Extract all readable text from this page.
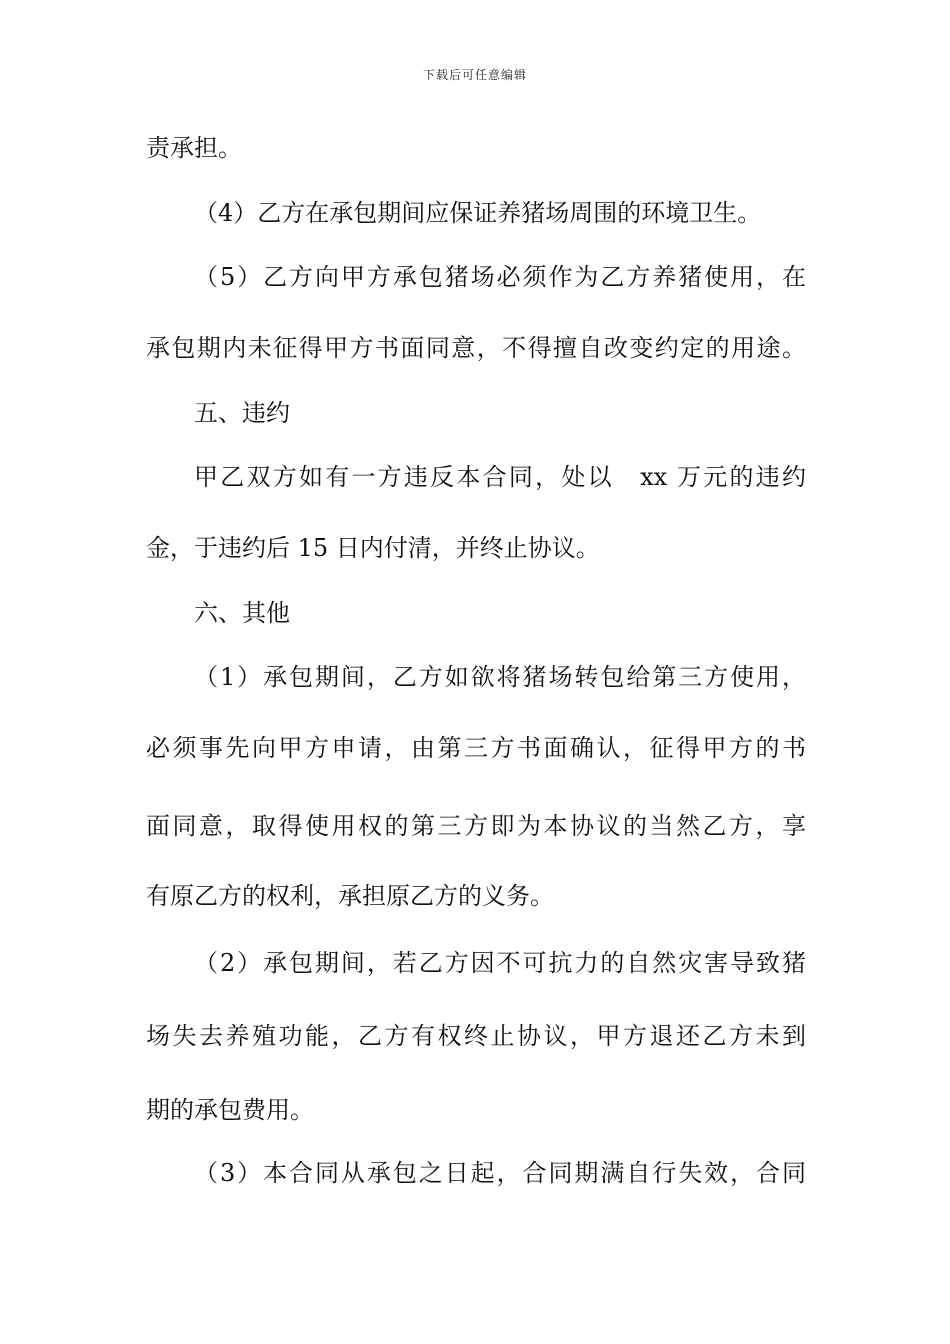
下载后可任意编辑
责承担。
（4）乙方在承包期间应保证养猪场周围的环境卫生。
（5）乙方向甲方承包猪场必须作为乙方养猪使用，在
承包期内未征得甲方书面同意，不得擅自改变约定的用途。
五、违约
甲乙双方如有一方违反本合同，处以　xx 万元的违约
金，于违约后 15 日内付清，并终止协议。
六、其他
（1）承包期间，乙方如欲将猪场转包给第三方使用，
必须事先向甲方申请，由第三方书面确认，征得甲方的书
面同意，取得使用权的第三方即为本协议的当然乙方，享
有原乙方的权利，承担原乙方的义务。
（2）承包期间，若乙方因不可抗力的自然灾害导致猪
场失去养殖功能，乙方有权终止协议，甲方退还乙方未到
期的承包费用。
（3）本合同从承包之日起，合同期满自行失效，合同
